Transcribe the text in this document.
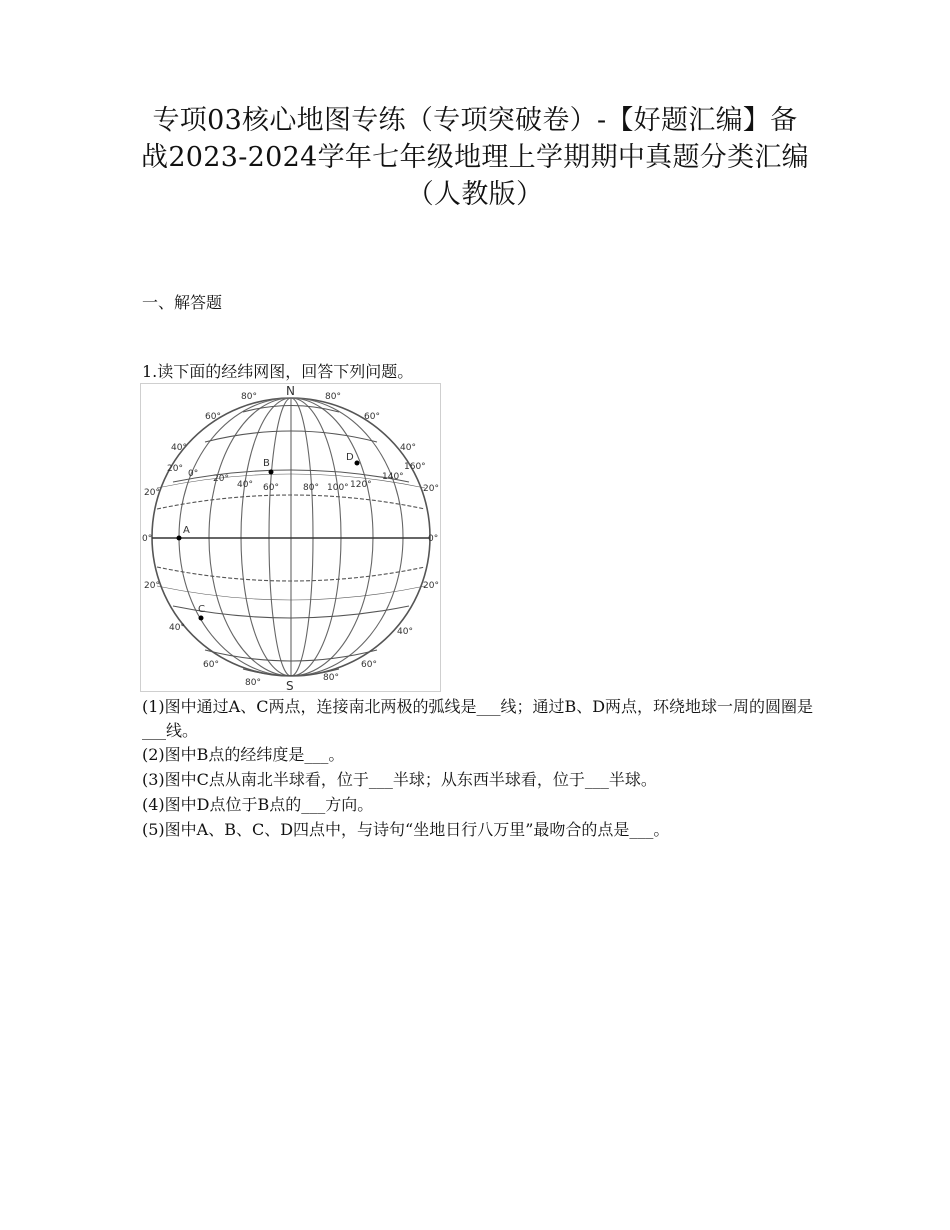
专项03核心地图专练（专项突破卷）-【好题汇编】备
战2023-2024学年七年级地理上学期期中真题分类汇编
（人教版）
一、解答题
1.读下面的经纬网图，回答下列问题。
N
S
80°	80°
60°	60°
40°	40°
20°
20°	20°
0°	0°
20°	20°
40°	40°
60°	60°
80°	80°
0° 20°
40° 60°	80° 100° 120°
140°
160°
A
B
C
D
(1)图中通过A、C两点，连接南北两极的弧线是___线；通过B、D两点，环绕地球一周的圆圈是___线。
(2)图中B点的经纬度是___。
(3)图中C点从南北半球看，位于___半球；从东西半球看，位于___半球。
(4)图中D点位于B点的___方向。
(5)图中A、B、C、D四点中，与诗句“坐地日行八万里”最吻合的点是___。
